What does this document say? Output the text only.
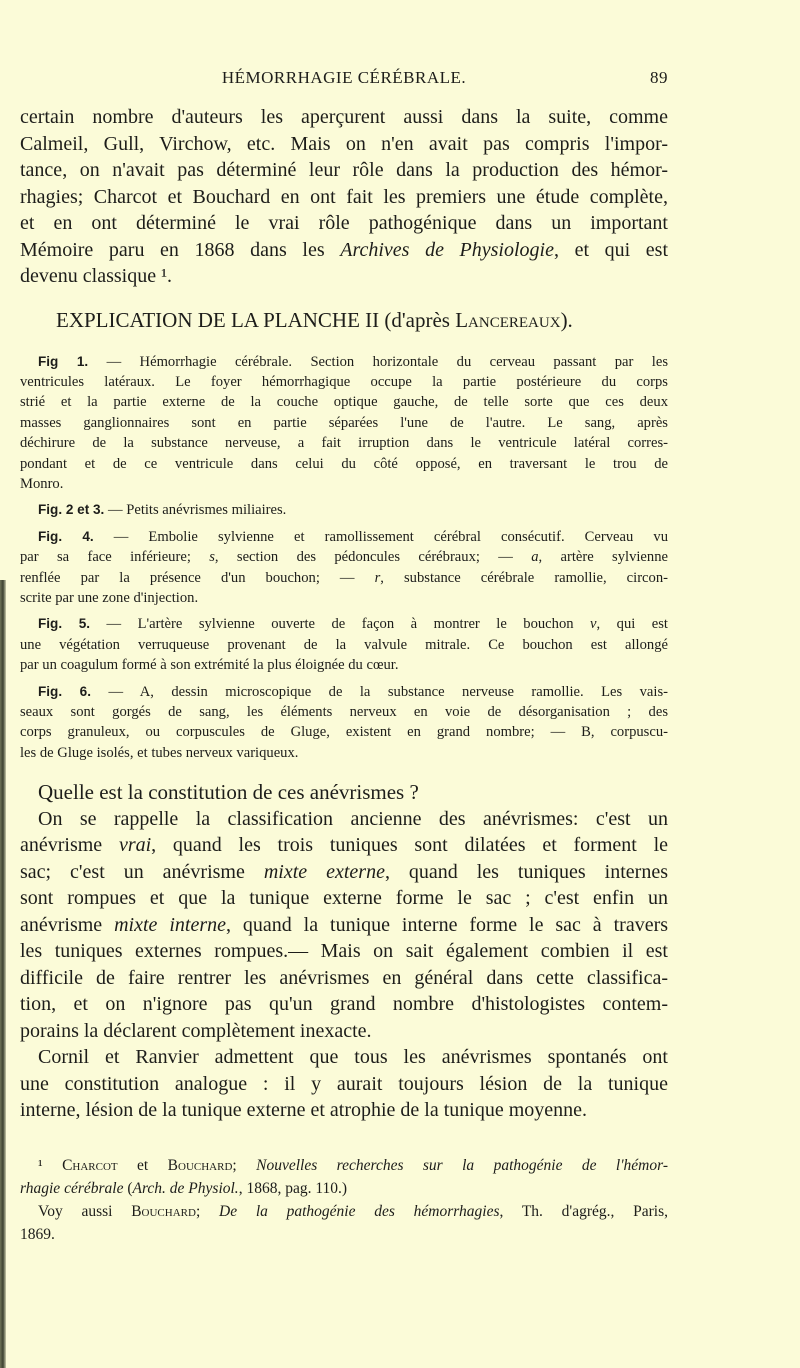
HÉMORRHAGIE CÉRÉBRALE.	89
certain nombre d'auteurs les aperçurent aussi dans la suite, comme
Calmeil, Gull, Virchow, etc. Mais on n'en avait pas compris l'impor-
tance, on n'avait pas déterminé leur rôle dans la production des hémor-
rhagies; Charcot et Bouchard en ont fait les premiers une étude complète,
et en ont déterminé le vrai rôle pathogénique dans un important
Mémoire paru en 1868 dans les Archives de Physiologie, et qui est
devenu classique ¹.
EXPLICATION DE LA PLANCHE II (d'après Lancereaux).
Fig 1. — Hémorrhagie cérébrale. Section horizontale du cerveau passant par les
ventricules latéraux. Le foyer hémorrhagique occupe la partie postérieure du corps
strié et la partie externe de la couche optique gauche, de telle sorte que ces deux
masses ganglionnaires sont en partie séparées l'une de l'autre. Le sang, après
déchirure de la substance nerveuse, a fait irruption dans le ventricule latéral corres-
pondant et de ce ventricule dans celui du côté opposé, en traversant le trou de
Monro.
Fig. 2 et 3. — Petits anévrismes miliaires.
Fig. 4. — Embolie sylvienne et ramollissement cérébral consécutif. Cerveau vu
par sa face inférieure; s, section des pédoncules cérébraux; — a, artère sylvienne
renflée par la présence d'un bouchon; — r, substance cérébrale ramollie, circon-
scrite par une zone d'injection.
Fig. 5. — L'artère sylvienne ouverte de façon à montrer le bouchon v, qui est
une végétation verruqueuse provenant de la valvule mitrale. Ce bouchon est allongé
par un coagulum formé à son extrémité la plus éloignée du cœur.
Fig. 6. — A, dessin microscopique de la substance nerveuse ramollie. Les vais-
seaux sont gorgés de sang, les éléments nerveux en voie de désorganisation ; des
corps granuleux, ou corpuscules de Gluge, existent en grand nombre; — B, corpuscu-
les de Gluge isolés, et tubes nerveux variqueux.
Quelle est la constitution de ces anévrismes ?
On se rappelle la classification ancienne des anévrismes: c'est un
anévrisme vrai, quand les trois tuniques sont dilatées et forment le
sac; c'est un anévrisme mixte externe, quand les tuniques internes
sont rompues et que la tunique externe forme le sac ; c'est enfin un
anévrisme mixte interne, quand la tunique interne forme le sac à travers
les tuniques externes rompues.— Mais on sait également combien il est
difficile de faire rentrer les anévrismes en général dans cette classifica-
tion, et on n'ignore pas qu'un grand nombre d'histologistes contem-
porains la déclarent complètement inexacte.
Cornil et Ranvier admettent que tous les anévrismes spontanés ont
une constitution analogue : il y aurait toujours lésion de la tunique
interne, lésion de la tunique externe et atrophie de la tunique moyenne.
¹ Charcot et Bouchard; Nouvelles recherches sur la pathogénie de l'hémor-
rhagie cérébrale (Arch. de Physiol., 1868, pag. 110.)
Voy aussi Bouchard; De la pathogénie des hémorrhagies, Th. d'agrég., Paris,
1869.
